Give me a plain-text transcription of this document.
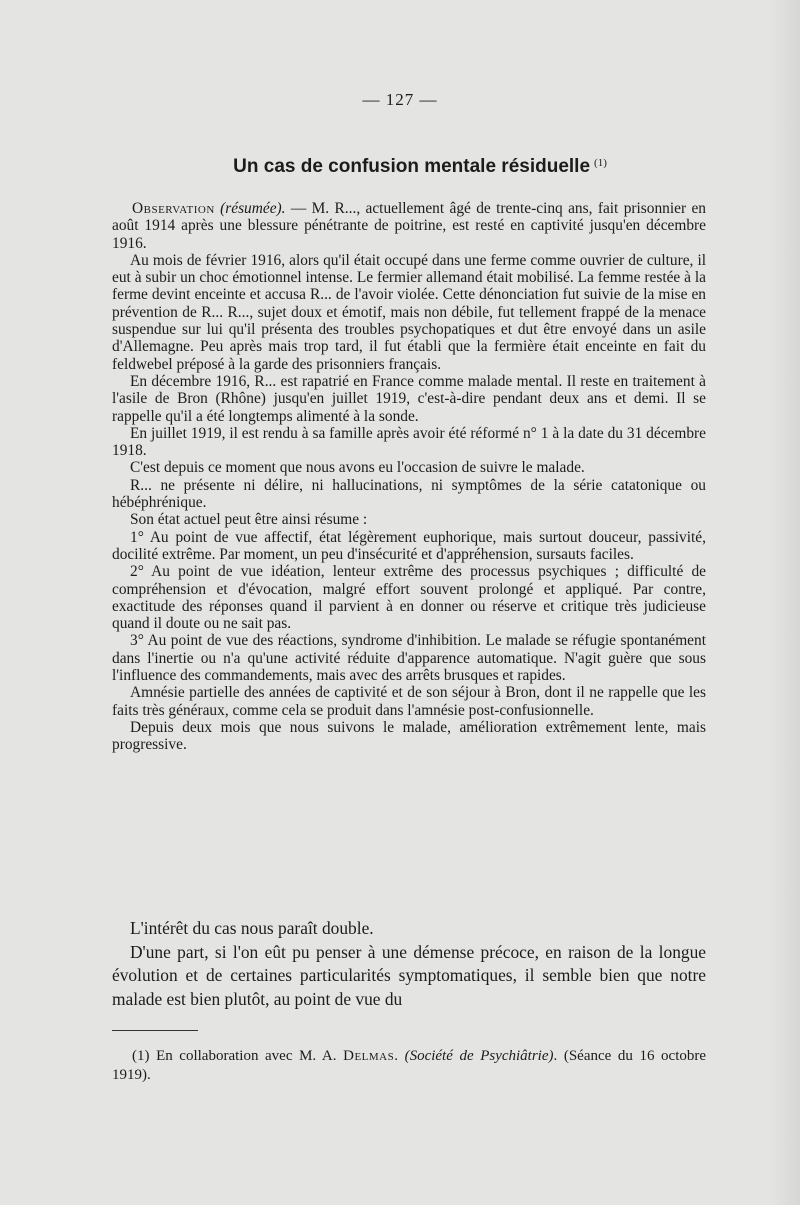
— 127 —
Un cas de confusion mentale résiduelle $^{(1)}$

Observation (résumée). — M. R..., actuellement âgé de trente-cinq ans, fait prisonnier en août 1914 après une blessure pénétrante de poitrine, est resté en captivité jusqu'en décembre 1916.

Au mois de février 1916, alors qu'il était occupé dans une ferme comme ouvrier de culture, il eut à subir un choc émotionnel intense. Le fermier allemand était mobilisé. La femme restée à la ferme devint enceinte et accusa R... de l'avoir violée. Cette dénonciation fut suivie de la mise en prévention de R... R..., sujet doux et émotif, mais non débile, fut tellement frappé de la menace suspendue sur lui qu'il présenta des troubles psychopatiques et dut être envoyé dans un asile d'Allemagne. Peu après mais trop tard, il fut établi que la fermière était enceinte en fait du feldwebel préposé à la garde des prisonniers français.

En décembre 1916, R... est rapatrié en France comme malade mental. Il reste en traitement à l'asile de Bron (Rhône) jusqu'en juillet 1919, c'est-à-dire pendant deux ans et demi. Il se rappelle qu'il a été longtemps alimenté à la sonde.

En juillet 1919, il est rendu à sa famille après avoir été réformé n° 1 à la date du 31 décembre 1918.

C'est depuis ce moment que nous avons eu l'occasion de suivre le malade.

R... ne présente ni délire, ni hallucinations, ni symptômes de la série catatonique ou hébéphrénique.

Son état actuel peut être ainsi résume :

1° Au point de vue affectif, état légèrement euphorique, mais surtout douceur, passivité, docilité extrême. Par moment, un peu d'insécurité et d'appréhension, sursauts faciles.

2° Au point de vue idéation, lenteur extrême des processus psychiques ; difficulté de compréhension et d'évocation, malgré effort souvent prolongé et appliqué. Par contre, exactitude des réponses quand il parvient à en donner ou réserve et critique très judicieuse quand il doute ou ne sait pas.

3° Au point de vue des réactions, syndrome d'inhibition. Le malade se réfugie spontanément dans l'inertie ou n'a qu'une activité réduite d'apparence automatique. N'agit guère que sous l'influence des commandements, mais avec des arrêts brusques et rapides.

Amnésie partielle des années de captivité et de son séjour à Bron, dont il ne rappelle que les faits très généraux, comme cela se produit dans l'amnésie post-confusionnelle.

Depuis deux mois que nous suivons le malade, amélioration extrêmement lente, mais progressive.

L'intérêt du cas nous paraît double.

D'une part, si l'on eût pu penser à une démense précoce, en raison de la longue évolution et de certaines particularités symptomatiques, il semble bien que notre malade est bien plutôt, au point de vue du

(1) En collaboration avec M. A. Delmas. (Société de Psychiâtrie). (Séance du 16 octobre 1919).
